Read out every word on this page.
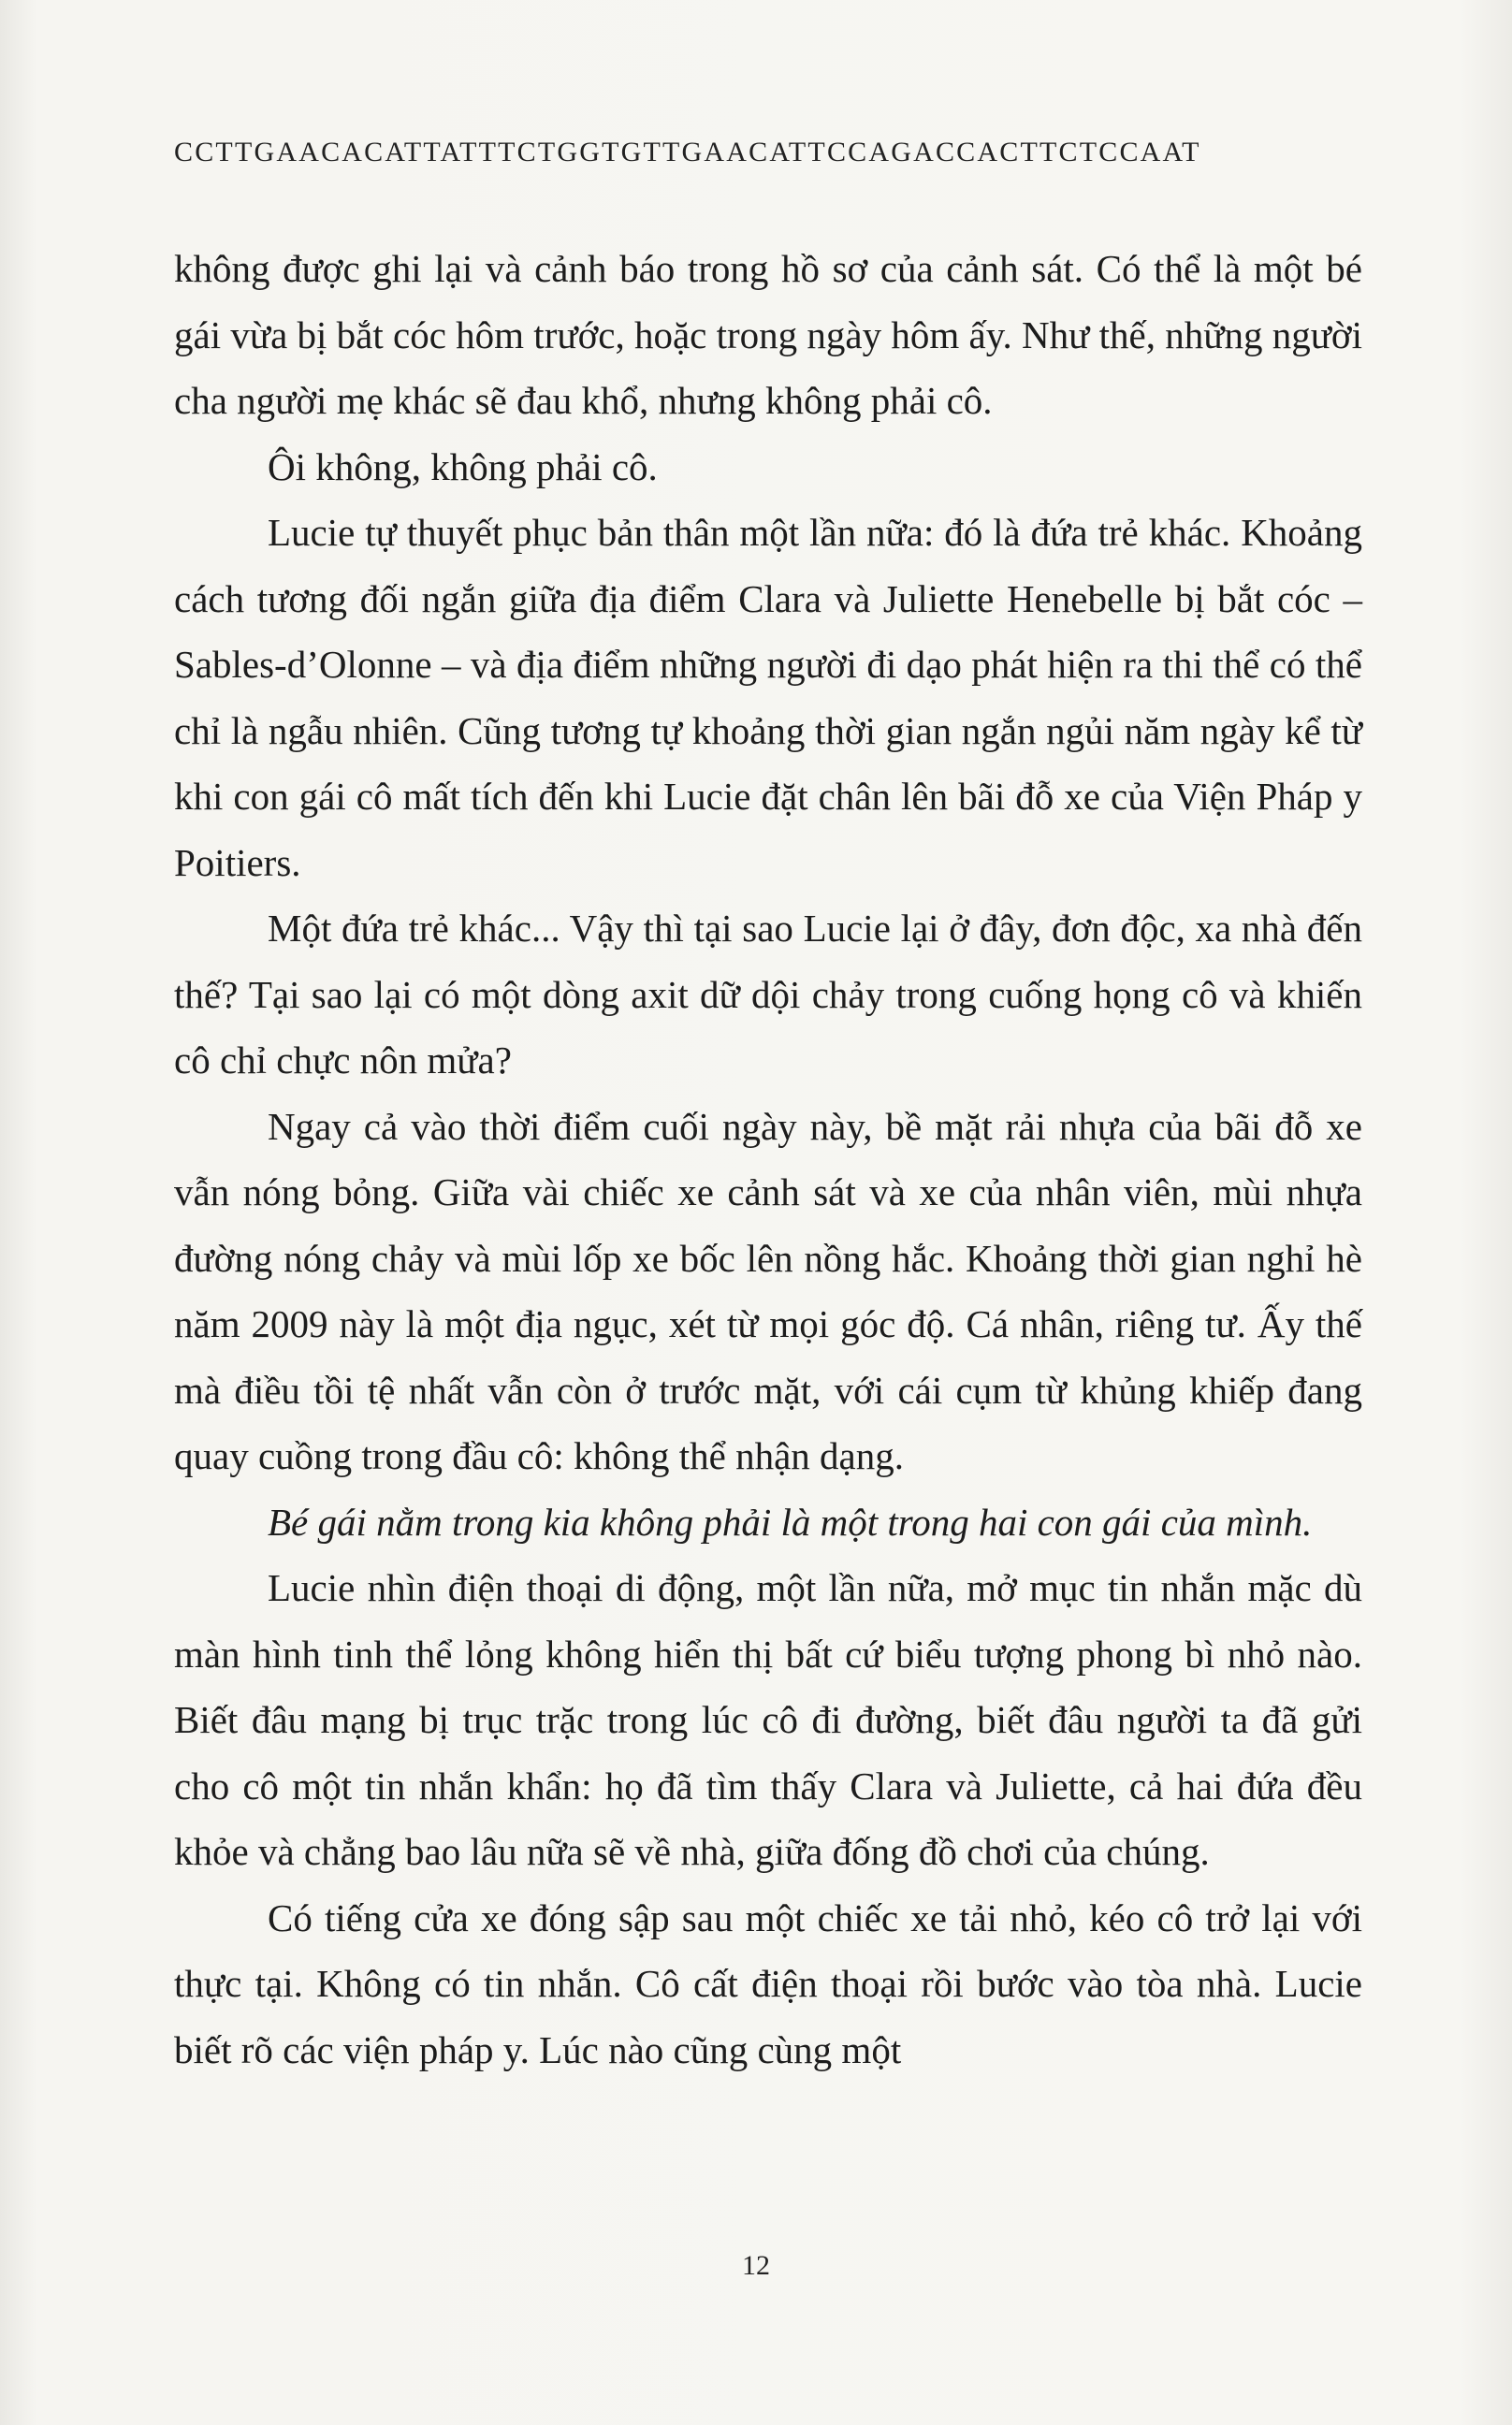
CCTTGAACACATTATTTCTGGTGTTGAACATTCCAGACCACTTCTCCAAT

không được ghi lại và cảnh báo trong hồ sơ của cảnh sát. Có thể là một bé gái vừa bị bắt cóc hôm trước, hoặc trong ngày hôm ấy. Như thế, những người cha người mẹ khác sẽ đau khổ, nhưng không phải cô.

Ôi không, không phải cô.

Lucie tự thuyết phục bản thân một lần nữa: đó là đứa trẻ khác. Khoảng cách tương đối ngắn giữa địa điểm Clara và Juliette Henebelle bị bắt cóc – Sables-d’Olonne – và địa điểm những người đi dạo phát hiện ra thi thể có thể chỉ là ngẫu nhiên. Cũng tương tự khoảng thời gian ngắn ngủi năm ngày kể từ khi con gái cô mất tích đến khi Lucie đặt chân lên bãi đỗ xe của Viện Pháp y Poitiers.

Một đứa trẻ khác... Vậy thì tại sao Lucie lại ở đây, đơn độc, xa nhà đến thế? Tại sao lại có một dòng axit dữ dội chảy trong cuống họng cô và khiến cô chỉ chực nôn mửa?

Ngay cả vào thời điểm cuối ngày này, bề mặt rải nhựa của bãi đỗ xe vẫn nóng bỏng. Giữa vài chiếc xe cảnh sát và xe của nhân viên, mùi nhựa đường nóng chảy và mùi lốp xe bốc lên nồng hắc. Khoảng thời gian nghỉ hè năm 2009 này là một địa ngục, xét từ mọi góc độ. Cá nhân, riêng tư. Ấy thế mà điều tồi tệ nhất vẫn còn ở trước mặt, với cái cụm từ khủng khiếp đang quay cuồng trong đầu cô: không thể nhận dạng.

Bé gái nằm trong kia không phải là một trong hai con gái của mình.

Lucie nhìn điện thoại di động, một lần nữa, mở mục tin nhắn mặc dù màn hình tinh thể lỏng không hiển thị bất cứ biểu tượng phong bì nhỏ nào. Biết đâu mạng bị trục trặc trong lúc cô đi đường, biết đâu người ta đã gửi cho cô một tin nhắn khẩn: họ đã tìm thấy Clara và Juliette, cả hai đứa đều khỏe và chẳng bao lâu nữa sẽ về nhà, giữa đống đồ chơi của chúng.

Có tiếng cửa xe đóng sập sau một chiếc xe tải nhỏ, kéo cô trở lại với thực tại. Không có tin nhắn. Cô cất điện thoại rồi bước vào tòa nhà. Lucie biết rõ các viện pháp y. Lúc nào cũng cùng một

12
